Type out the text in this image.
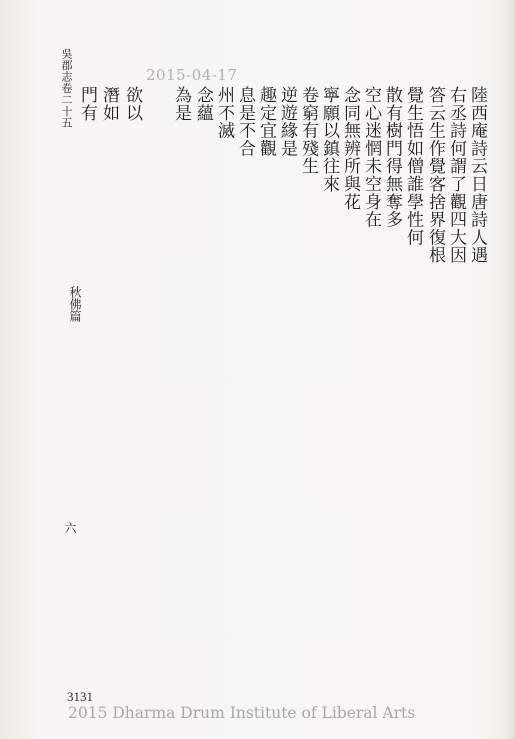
2015-04-17
吳郡志卷二十五
秋佛篇
六
陸西庵詩云日唐詩人遇
右丞詩何謂了觀四大因
答云生作覺客捨界復根
覺生悟如僧誰學性何
散有樹門得無奪多
空心迷惘未空身在
念同無辨所與花
寧願以鎮往來
卷窮有殘生
逆遊緣是
趣定宜觀
息是不合
州不滅
念蘊
為是
欲以
潛如
門有
3131
2015 Dharma Drum Institute of Liberal Arts
